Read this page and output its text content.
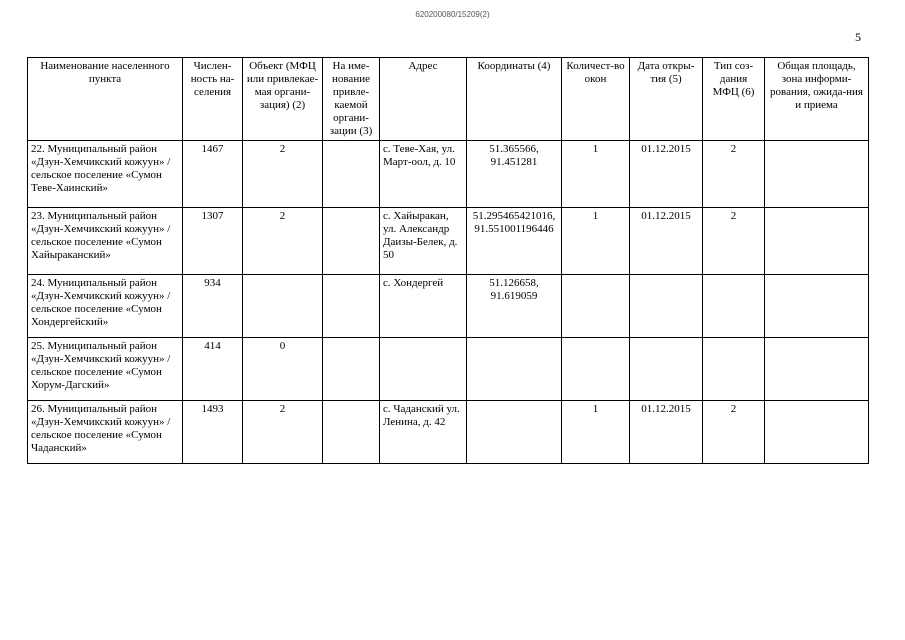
620200080/15209(2)
5
Наименование населенного пункта	Числен-ность на-селения	Объект (МФЦ или привлекае-мая органи-зация) (2)	На име-нование привле-каемой органи-зации (3)	Адрес	Координаты (4)	Количест-во окон	Дата откры-тия (5)	Тип соз-дания МФЦ (6)	Общая площадь, зона информи-рования, ожида-ния и приема
22. Муниципальный район «Дзун-Хемчикский кожуун» / сельское поселение «Сумон Теве-Хаинский»	1467	2		с. Теве-Хая, ул. Март-оол, д. 10	51.365566, 91.451281	1	01.12.2015	2	
23. Муниципальный район «Дзун-Хемчикский кожуун» / сельское поселение «Сумон Хайыраканский»	1307	2		с. Хайыракан, ул. Александр Даизы-Белек, д. 50	51.295465421016, 91.551001196446	1	01.12.2015	2	
24. Муниципальный район «Дзун-Хемчикский кожуун» / сельское поселение «Сумон Хондергейский»	934			с. Хондергей	51.126658, 91.619059				
25. Муниципальный район «Дзун-Хемчикский кожуун» / сельское поселение «Сумон Хорум-Дагский»	414	0							
26. Муниципальный район «Дзун-Хемчикский кожуун» / сельское поселение «Сумон Чаданский»	1493	2		с. Чаданский ул. Ленина, д. 42		1	01.12.2015	2	
